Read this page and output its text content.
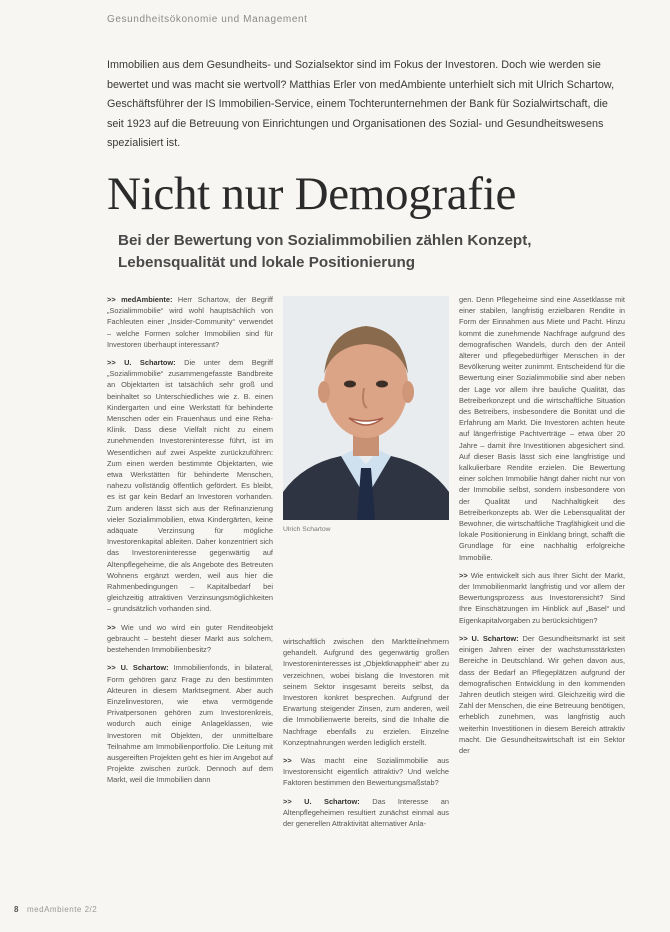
Gesundheitsökonomie und Management

Immobilien aus dem Gesundheits- und Sozialsektor sind im Fokus der Investoren. Doch wie werden sie bewertet und was macht sie wertvoll? Matthias Erler von medAmbiente unterhielt sich mit Ulrich Schartow, Geschäftsführer der IS Immobilien-Service, einem Tochterunternehmen der Bank für Sozialwirtschaft, die seit 1923 auf die Betreuung von Einrichtungen und Organisationen des Sozial- und Gesundheitswesens spezialisiert ist.

Nicht nur Demografie
Bei der Bewertung von Sozialimmobilien zählen Konzept, Lebensqualität und lokale Positionierung

>> medAmbiente: Herr Schartow, der Begriff „Sozialimmobilie“ wird wohl hauptsächlich von Fachleuten einer „Insider-Community“ verwendet – welche Formen solcher Immobilien sind für Investoren überhaupt interessant?

>> U. Schartow: Die unter dem Begriff „Sozialimmobilie“ zusammengefasste Bandbreite an Objektarten ist tatsächlich sehr groß und beinhaltet so Unterschiedliches wie z. B. einen Kindergarten und eine Werkstatt für behinderte Menschen oder ein Frauenhaus und eine Reha-Klinik. Dass diese Vielfalt nicht zu einem zunehmenden Investoreninteresse führt, ist im Wesentlichen auf zwei Aspekte zurückzuführen: Zum einen werden bestimmte Objektarten, wie etwa Werkstätten für behinderte Menschen, nahezu vollständig öffentlich gefördert. Es bleibt, es ist gar kein Bedarf an Investoren vorhanden. Zum anderen lässt sich aus der Refinanzierung vieler Sozialimmobilien, etwa Kindergärten, keine adäquate Verzinsung für mögliche Investorenkapital ableiten. Daher konzentriert sich das Investoreninteresse gegenwärtig auf Altenpflegeheime, die als Angebote des Betreuten Wohnens ergänzt werden, weil aus hier die Rahmenbedingungen – Kapitalbedarf bei gleichzeitig attraktiven Verzinsungsmöglichkeiten – grundsätzlich vorhanden sind.

>> Wie und wo wird ein guter Renditeobjekt gebraucht – besteht dieser Markt aus solchem, bestehenden Immobilienbesitz?

>> U. Schartow: Immobilienfonds, in bilateral, Form gehören ganz Frage zu den bestimmten Akteuren in diesem Marktsegment. Aber auch Einzelinvestoren, wie etwa vermögende Privatpersonen gehören zum Investorenkreis, wodurch auch einige Anlageklassen, wie Investoren mit Objekten, der unmittelbare Teilnahme am Immobilienportfolio. Die Leitung mit ausgereiften Projekten geht es hier im Angebot auf Projekte zwischen zurück. Dennoch auf dem Markt, weil die Immobilien dann

Ulrich Schartow

wirtschaftlich zwischen den Marktteilnehmern gehandelt. Aufgrund des gegenwärtig großen Investoreninteresses ist „Objektknappheit“ aber zu verzeichnen, wobei bislang die Investoren mit seinem Sektor insgesamt bereits selbst, da Investoren konkret besprechen. Aufgrund der Erwartung steigender Zinsen, zum anderen, weil die Immobilienwerte bereits, sind die Inhalte die Nachfrage ebenfalls zu erzielen. Einzelne Konzeptnahrungen werden lediglich erstellt.

>> Was macht eine Sozialimmobilie aus Investorensicht eigentlich attraktiv? Und welche Faktoren bestimmen den Bewertungsmaßstab?

>> U. Schartow: Das Interesse an Altenpflegeheimen resultiert zunächst einmal aus der generellen Attraktivität alternativer Anla-

gen. Denn Pflegeheime sind eine Assetklasse mit einer stabilen, langfristig erzielbaren Rendite in Form der Einnahmen aus Miete und Pacht. Hinzu kommt die zunehmende Nachfrage aufgrund des demografischen Wandels, durch den der Anteil älterer und pflegebedürftiger Menschen in der Bevölkerung weiter zunimmt. Entscheidend für die Bewertung einer Sozialimmobilie sind aber neben der Lage vor allem ihre bauliche Qualität, das Betreiberkonzept und die wirtschaftliche Situation des Betreibers, insbesondere die Bonität und die Erfahrung am Markt. Die Investoren achten heute auf längerfristige Pachtverträge – etwa über 20 Jahre – damit ihre Investitionen abgesichert sind. Auf dieser Basis lässt sich eine langfristige und kalkulierbare Rendite erzielen. Die Bewertung einer solchen Immobilie hängt daher nicht nur von der Immobilie selbst, sondern insbesondere von der Qualität und Nachhaltigkeit des Betreiberkonzepts ab. Wer die Lebensqualität der Bewohner, die wirtschaftliche Tragfähigkeit und die lokale Positionierung in Einklang bringt, schafft die Grundlage für eine nachhaltig erfolgreiche Immobilie.

>> Wie entwickelt sich aus Ihrer Sicht der Markt, der Immobilienmarkt langfristig und vor allem der Bewertungsprozess aus Investorensicht? Sind Ihre Einschätzungen im Hinblick auf „Basel“ und Eigenkapitalvorgaben zu berücksichtigen?

>> U. Schartow: Der Gesundheitsmarkt ist seit einigen Jahren einer der wachstumsstärksten Bereiche in Deutschland. Wir gehen davon aus, dass der Bedarf an Pflegeplätzen aufgrund der demografischen Entwicklung in den kommenden Jahren deutlich steigen wird. Gleichzeitig wird die Zahl der Menschen, die eine Betreuung benötigen, erheblich zunehmen, was langfristig auch weiterhin Investitionen in diesem Bereich attraktiv macht. Die Gesundheitswirtschaft ist ein Sektor der

8 medAmbiente 2/2
